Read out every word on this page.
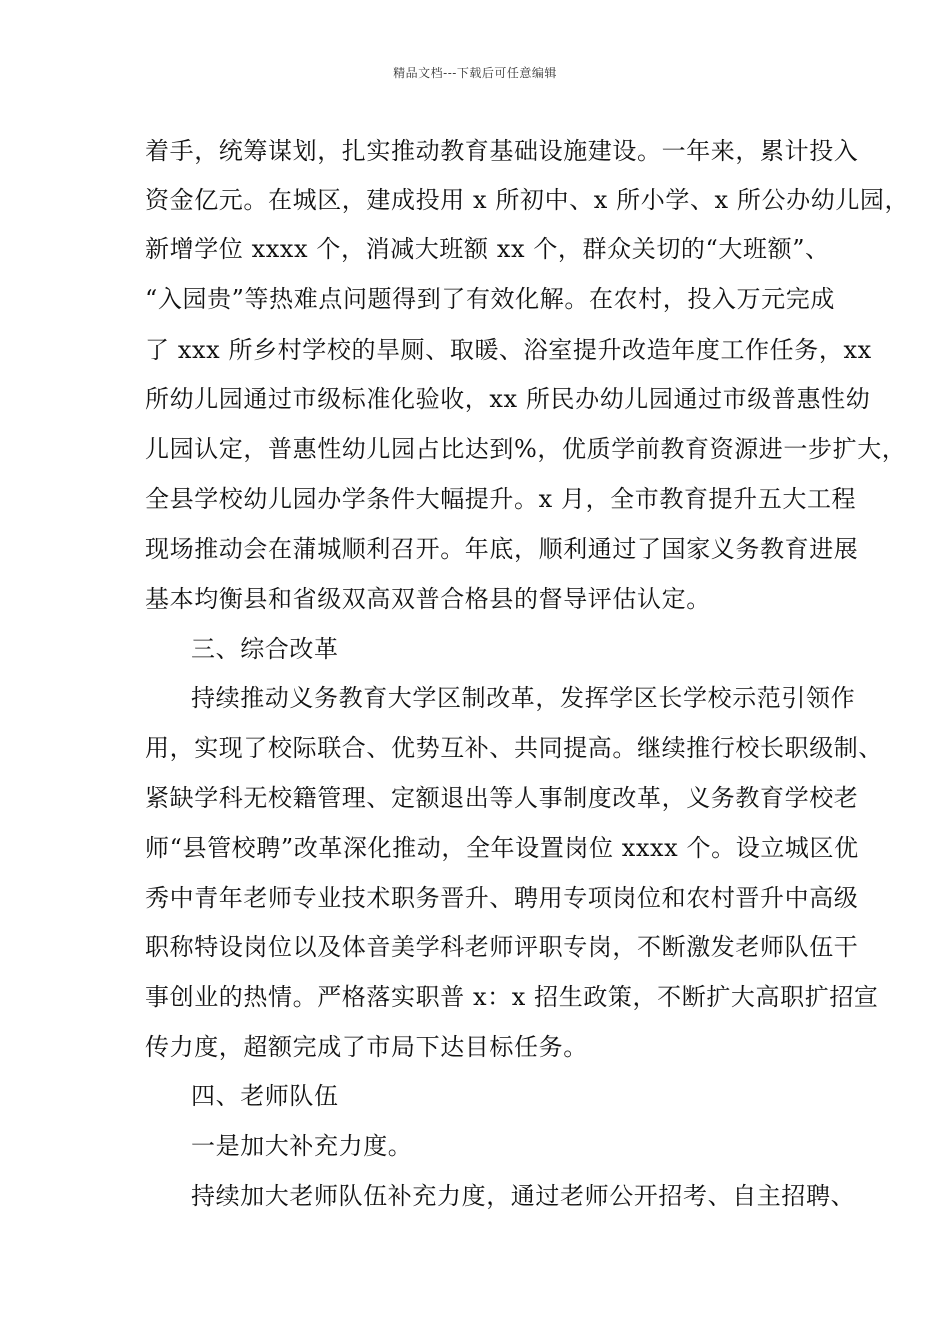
精品文档---下载后可任意编辑
着手，统筹谋划，扎实推动教育基础设施建设。一年来，累计投入
资金亿元。在城区，建成投用 x 所初中、x 所小学、x 所公办幼儿园，
新增学位 xxxx 个，消减大班额 xx 个，群众关切的“大班额”、
“入园贵”等热难点问题得到了有效化解。在农村，投入万元完成
了 xxx 所乡村学校的旱厕、取暖、浴室提升改造年度工作任务，xx
所幼儿园通过市级标准化验收，xx 所民办幼儿园通过市级普惠性幼
儿园认定，普惠性幼儿园占比达到%，优质学前教育资源进一步扩大，
全县学校幼儿园办学条件大幅提升。x 月，全市教育提升五大工程
现场推动会在蒲城顺利召开。年底，顺利通过了国家义务教育进展
基本均衡县和省级双高双普合格县的督导评估认定。
三、综合改革
持续推动义务教育大学区制改革，发挥学区长学校示范引领作
用，实现了校际联合、优势互补、共同提高。继续推行校长职级制、
紧缺学科无校籍管理、定额退出等人事制度改革，义务教育学校老
师“县管校聘”改革深化推动，全年设置岗位 xxxx 个。设立城区优
秀中青年老师专业技术职务晋升、聘用专项岗位和农村晋升中高级
职称特设岗位以及体音美学科老师评职专岗，不断激发老师队伍干
事创业的热情。严格落实职普 x：x 招生政策，不断扩大高职扩招宣
传力度，超额完成了市局下达目标任务。
四、老师队伍
一是加大补充力度。
持续加大老师队伍补充力度，通过老师公开招考、自主招聘、
